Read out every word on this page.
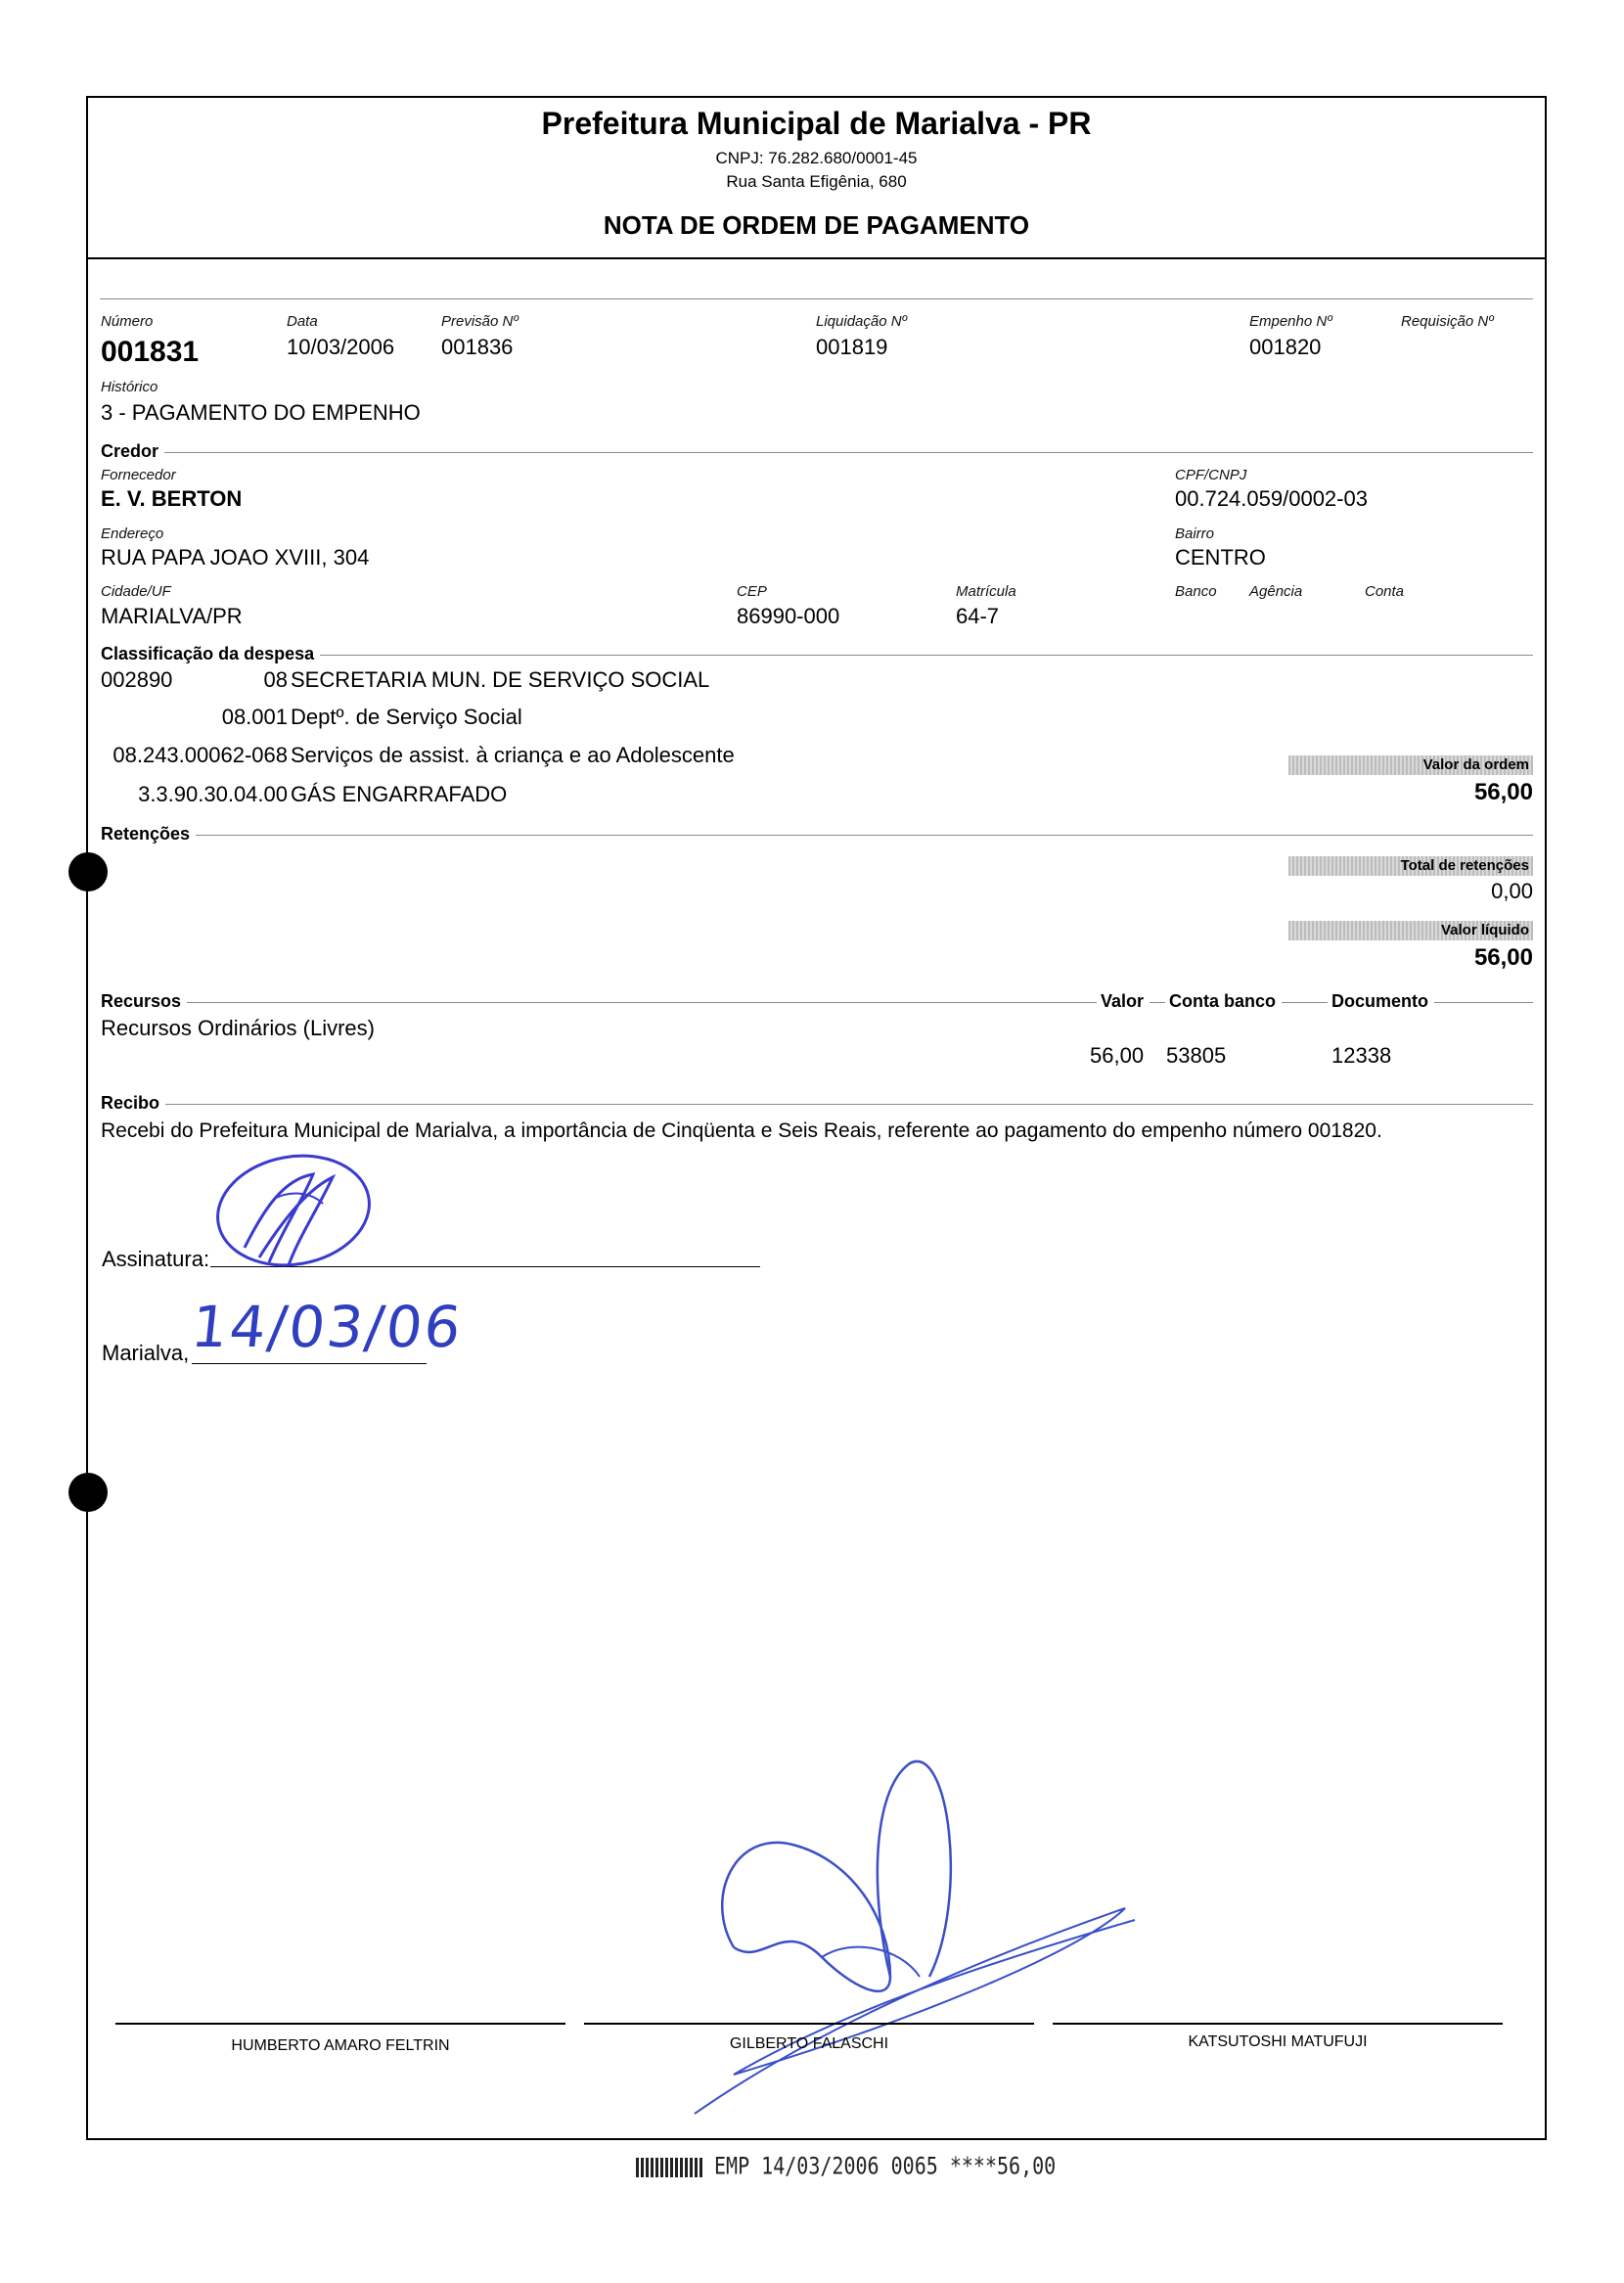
Prefeitura Municipal de Marialva - PR
CNPJ: 76.282.680/0001-45
Rua Santa Efigênia, 680
NOTA DE ORDEM DE PAGAMENTO
Número
001831
Data
10/03/2006
Previsão Nº
001836
Liquidação Nº
001819
Empenho Nº
001820
Requisição Nº
Histórico
3 - PAGAMENTO DO EMPENHO
Credor
Fornecedor
E. V. BERTON
CPF/CNPJ
00.724.059/0002-03
Endereço
RUA PAPA JOAO XVIII, 304
Bairro
CENTRO
Cidade/UF
MARIALVA/PR
CEP
86990-000
Matrícula
64-7
Banco Agência	Conta
Classificação da despesa
002890	08 SECRETARIA MUN. DE SERVIÇO SOCIAL
08.001 Deptº. de Serviço Social
08.243.00062-068 Serviços de assist. à criança e ao Adolescente
3.3.90.30.04.00 GÁS ENGARRAFADO
Valor da ordem
56,00
Retenções
Total de retenções
0,00
Valor líquido
56,00
Recursos	Valor	Conta banco	Documento
Recursos Ordinários (Livres)
56,00 53805	12338
Recibo
Recebi do Prefeitura Municipal de Marialva, a importância de Cinqüenta e Seis Reais, referente ao pagamento do empenho número 001820.
Assinatura:
Marialva, 14/03/06
HUMBERTO AMARO FELTRIN	GILBERTO FALASCHI	KATSUTOSHI MATUFUJI
EMP 14/03/2006 0065 ****56,00
